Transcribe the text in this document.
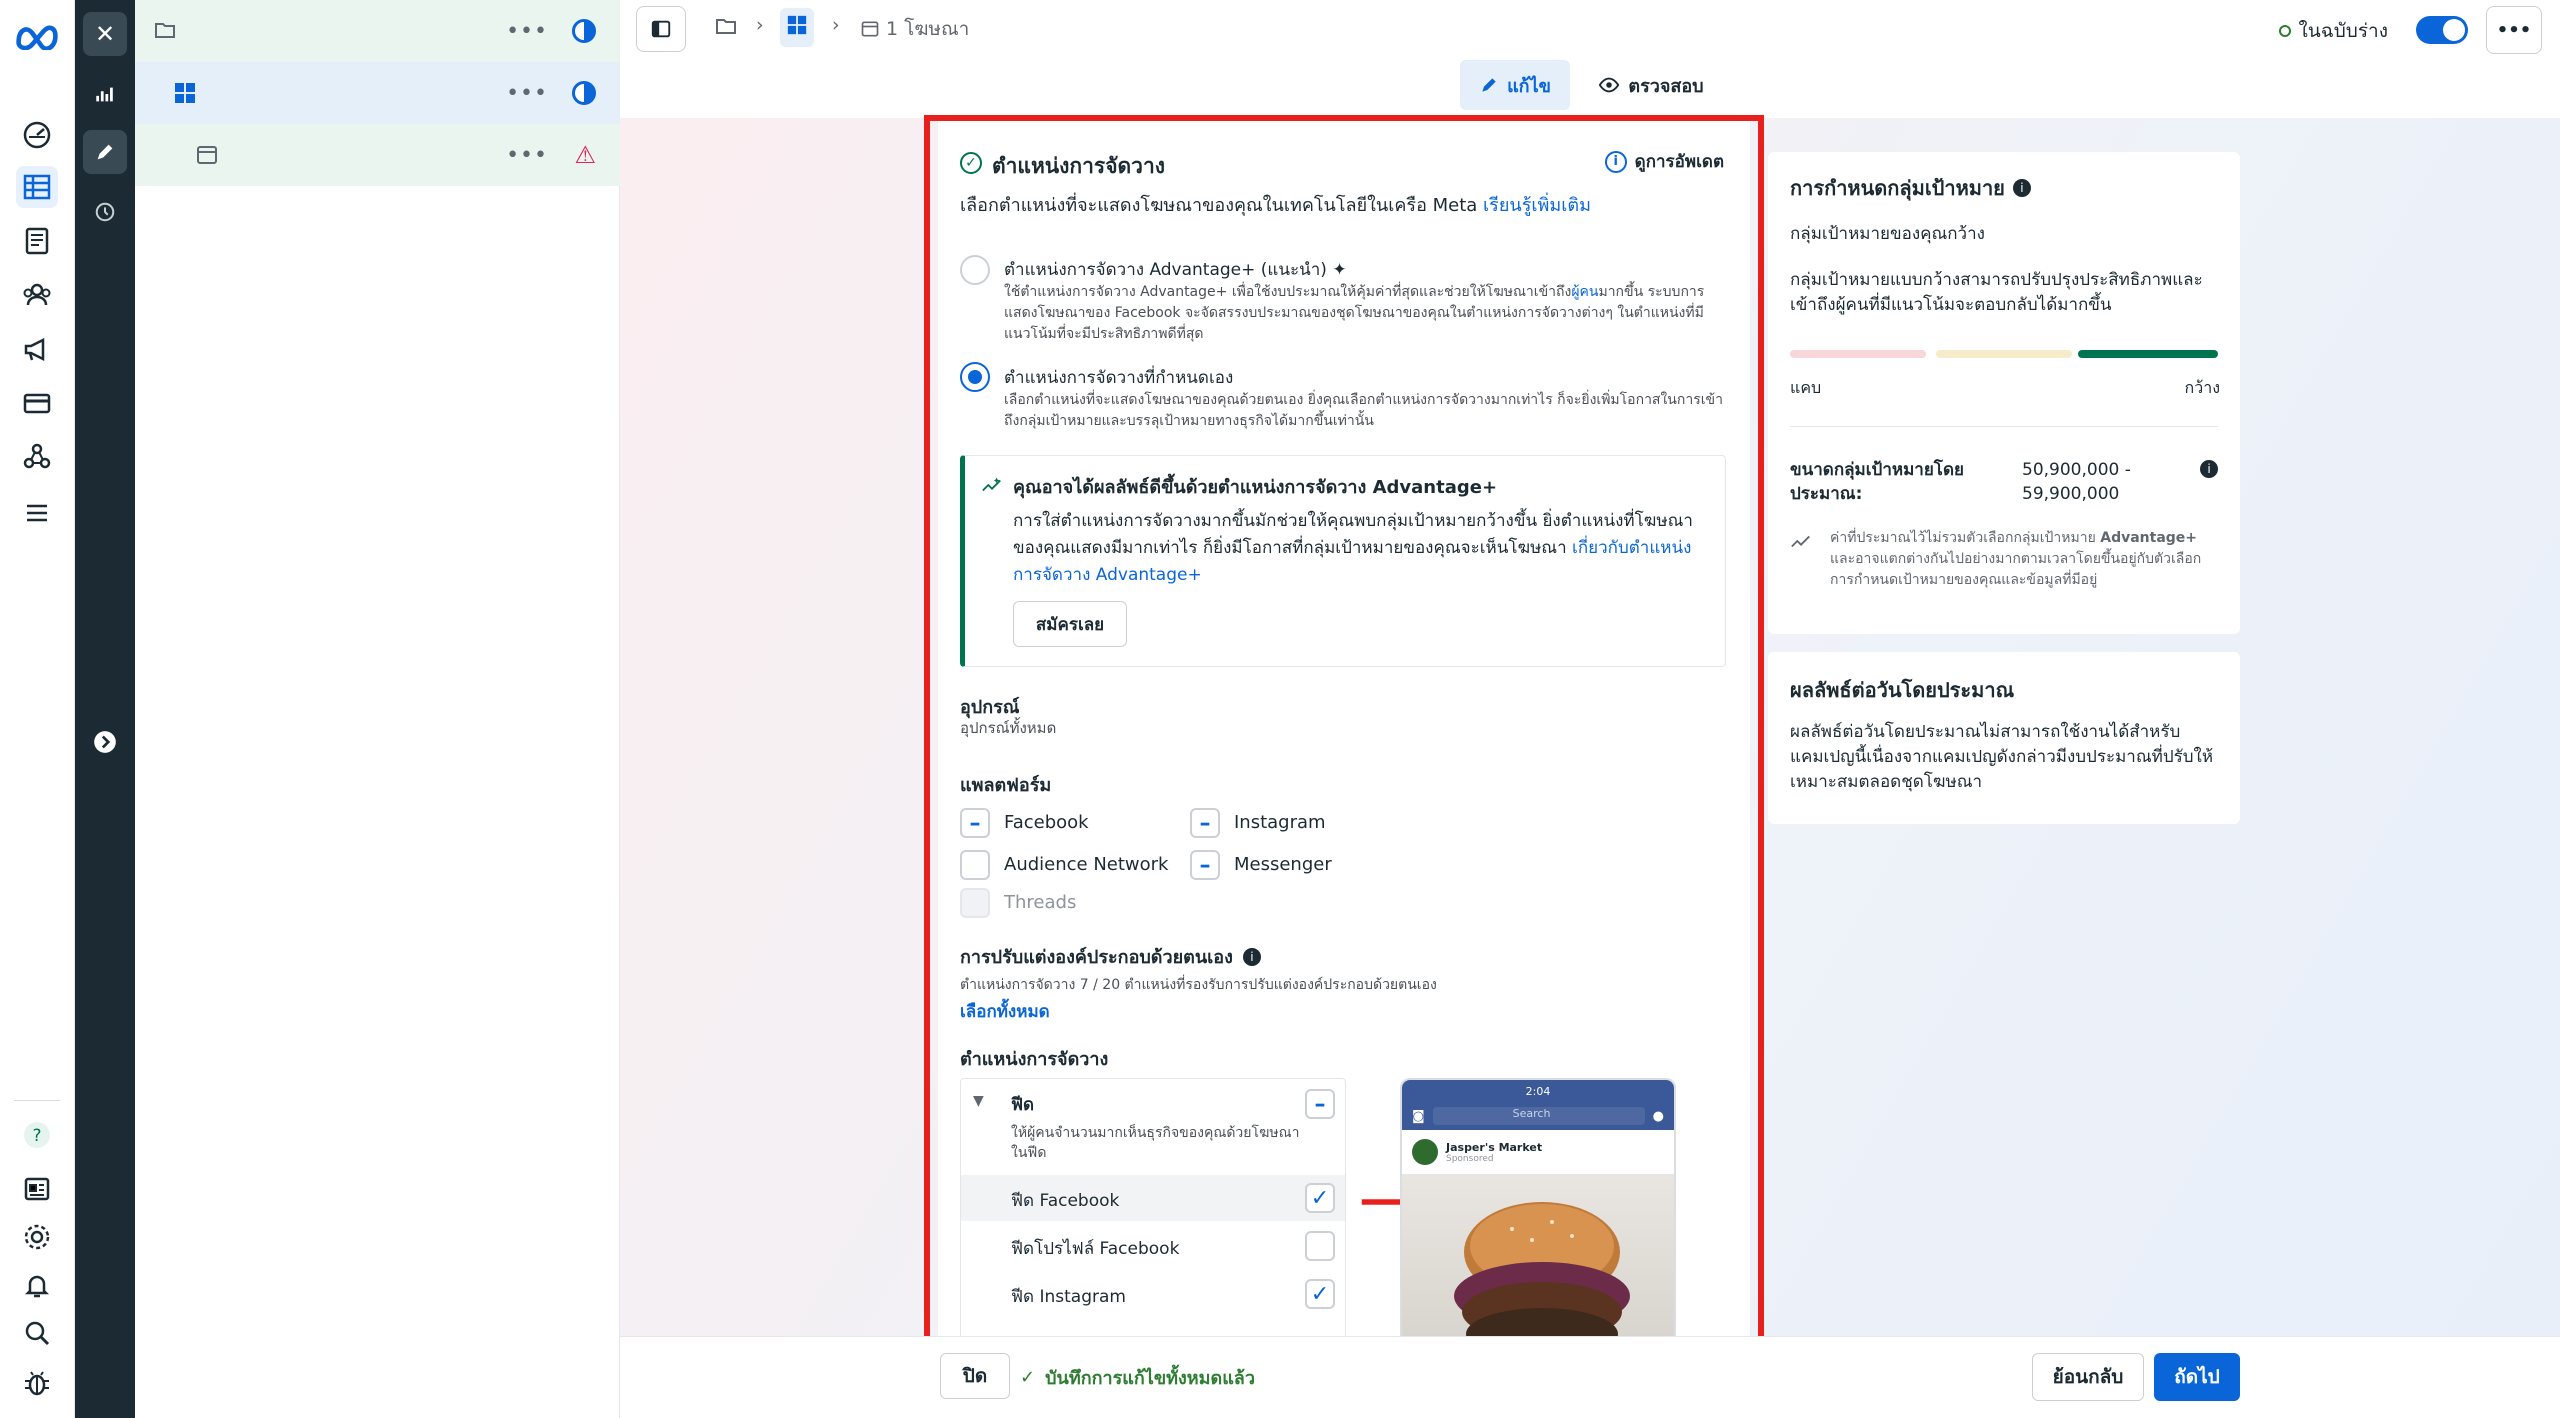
?
✕	•••
•••
••• ⚠
›	› 1 โฆษณา	ในฉบับร่าง	•••
แก้ไข	ตรวจสอบ
✓ ตำแหน่งการจัดวาง	i ดูการอัพเดต
เลือกตำแหน่งที่จะแสดงโฆษณาของคุณในเทคโนโลยีในเครือ Meta เรียนรู้เพิ่มเติม
ตำแหน่งการจัดวาง Advantage+ (แนะนำ) ✦
ใช้ตำแหน่งการจัดวาง Advantage+ เพื่อใช้งบประมาณให้คุ้มค่าที่สุดและช่วยให้โฆษณาเข้าถึงผู้คนมากขึ้น ระบบการแสดงโฆษณาของ Facebook จะจัดสรรงบประมาณของชุดโฆษณาของคุณในตำแหน่งการจัดวางต่างๆ ในตำแหน่งที่มีแนวโน้มที่จะมีประสิทธิภาพดีที่สุด
ตำแหน่งการจัดวางที่กำหนดเอง
เลือกตำแหน่งที่จะแสดงโฆษณาของคุณด้วยตนเอง ยิ่งคุณเลือกตำแหน่งการจัดวางมากเท่าไร ก็จะยิ่งเพิ่มโอกาสในการเข้าถึงกลุ่มเป้าหมายและบรรลุเป้าหมายทางธุรกิจได้มากขึ้นเท่านั้น
คุณอาจได้ผลลัพธ์ดีขึ้นด้วยตำแหน่งการจัดวาง Advantage+
การใส่ตำแหน่งการจัดวางมากขึ้นมักช่วยให้คุณพบกลุ่มเป้าหมายกว้างขึ้น ยิ่งตำแหน่งที่โฆษณาของคุณแสดงมีมากเท่าไร ก็ยิ่งมีโอกาสที่กลุ่มเป้าหมายของคุณจะเห็นโฆษณา เกี่ยวกับตำแหน่งการจัดวาง Advantage+
สมัครเลย
อุปกรณ์
อุปกรณ์ทั้งหมด
แพลตฟอร์ม
–	Facebook	–	Instagram
Audience Network	–	Messenger
Threads
การปรับแต่งองค์ประกอบด้วยตนเอง	i
ตำแหน่งการจัดวาง 7 / 20 ตำแหน่งที่รองรับการปรับแต่งองค์ประกอบด้วยตนเอง
เลือกทั้งหมด
ตำแหน่งการจัดวาง
▼ ฟีด
ให้ผู้คนจำนวนมากเห็นธุรกิจของคุณด้วยโฆษณาในฟีด
–
ฟีด Facebook	✓
ฟีดโปรไฟล์ Facebook
ฟีด Instagram	✓
2:04
◙	Search	●
Jasper's Market
Sponsored
การกำหนดกลุ่มเป้าหมาย	i
กลุ่มเป้าหมายของคุณกว้าง
กลุ่มเป้าหมายแบบกว้างสามารถปรับปรุงประสิทธิภาพและเข้าถึงผู้คนที่มีแนวโน้มจะตอบกลับได้มากขึ้น
แคบ	กว้าง
ขนาดกลุ่มเป้าหมายโดยประมาณ:
50,900,000 - 59,900,000
i
ค่าที่ประมาณไว้ไม่รวมตัวเลือกกลุ่มเป้าหมาย Advantage+ และอาจแตกต่างกันไปอย่างมากตามเวลาโดยขึ้นอยู่กับตัวเลือกการกำหนดเป้าหมายของคุณและข้อมูลที่มีอยู่
ผลลัพธ์ต่อวันโดยประมาณ
ผลลัพธ์ต่อวันโดยประมาณไม่สามารถใช้งานได้สำหรับแคมเปญนี้เนื่องจากแคมเปญดังกล่าวมีงบประมาณที่ปรับให้เหมาะสมตลอดชุดโฆษณา
ปิด ✓ บันทึกการแก้ไขทั้งหมดแล้ว	ย้อนกลับ	ถัดไป
